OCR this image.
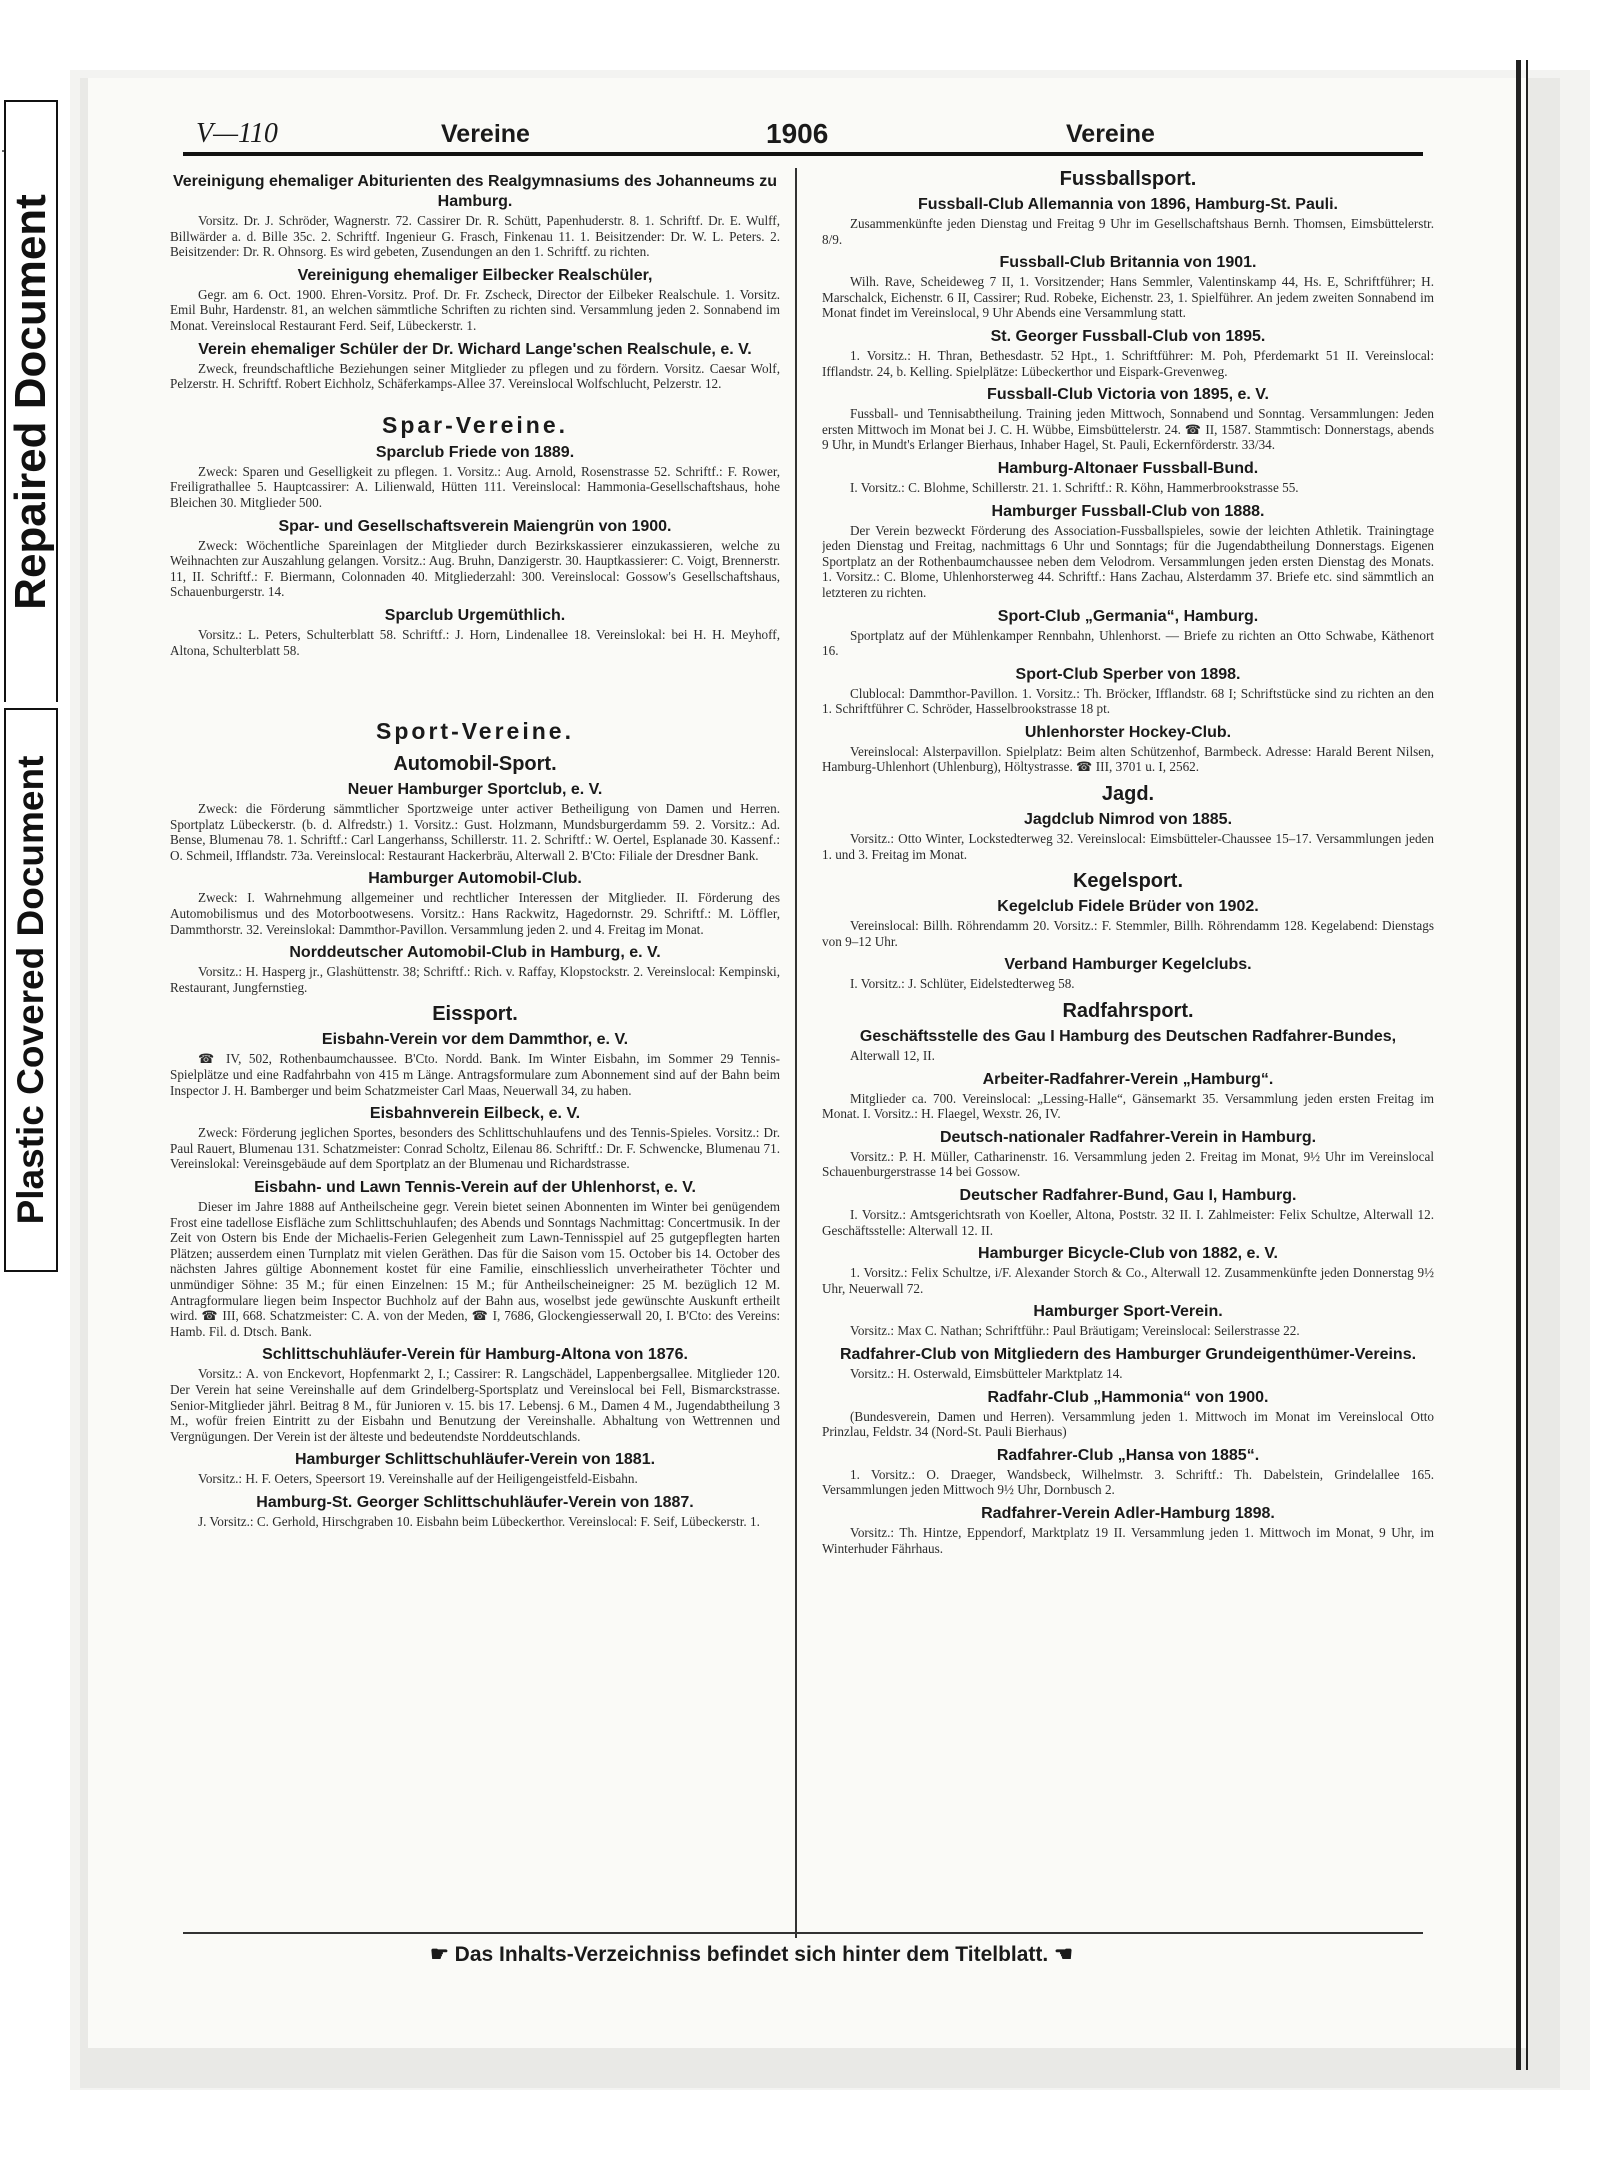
Repaired Document
Plastic Covered Document
V—110	Vereine	1906	Vereine
Vereinigung ehemaliger Abiturienten des Realgymnasiums des Johanneums zu Hamburg.
Vorsitz. Dr. J. Schröder, Wagnerstr. 72. Cassirer Dr. R. Schütt, Papenhuderstr. 8. 1. Schriftf. Dr. E. Wulff, Billwärder a. d. Bille 35c. 2. Schriftf. Ingenieur G. Frasch, Finkenau 11. 1. Beisitzender: Dr. W. L. Peters. 2. Beisitzender: Dr. R. Ohnsorg. Es wird gebeten, Zusendungen an den 1. Schriftf. zu richten.
Vereinigung ehemaliger Eilbecker Realschüler,
Gegr. am 6. Oct. 1900. Ehren-Vorsitz. Prof. Dr. Fr. Zscheck, Director der Eilbeker Realschule. 1. Vorsitz. Emil Buhr, Hardenstr. 81, an welchen sämmtliche Schriften zu richten sind. Versammlung jeden 2. Sonnabend im Monat. Vereinslocal Restaurant Ferd. Seif, Lübeckerstr. 1.
Verein ehemaliger Schüler der Dr. Wichard Lange'schen Realschule, e. V.
Zweck, freundschaftliche Beziehungen seiner Mitglieder zu pflegen und zu fördern. Vorsitz. Caesar Wolf, Pelzerstr. H. Schriftf. Robert Eichholz, Schäferkamps-Allee 37. Vereinslocal Wolfschlucht, Pelzerstr. 12.
Spar-Vereine.
Sparclub Friede von 1889.
Zweck: Sparen und Geselligkeit zu pflegen. 1. Vorsitz.: Aug. Arnold, Rosenstrasse 52. Schriftf.: F. Rower, Freiligrathallee 5. Hauptcassirer: A. Lilienwald, Hütten 111. Vereinslocal: Hammonia-Gesellschaftshaus, hohe Bleichen 30. Mitglieder 500.
Spar- und Gesellschaftsverein Maiengrün von 1900.
Zweck: Wöchentliche Spareinlagen der Mitglieder durch Bezirkskassierer einzukassieren, welche zu Weihnachten zur Auszahlung gelangen. Vorsitz.: Aug. Bruhn, Danzigerstr. 30. Hauptkassierer: C. Voigt, Brennerstr. 11, II. Schriftf.: F. Biermann, Colonnaden 40. Mitgliederzahl: 300. Vereinslocal: Gossow's Gesellschaftshaus, Schauenburgerstr. 14.
Sparclub Urgemüthlich.
Vorsitz.: L. Peters, Schulterblatt 58. Schriftf.: J. Horn, Lindenallee 18. Vereinslokal: bei H. H. Meyhoff, Altona, Schulterblatt 58.
Sport-Vereine.
Automobil-Sport.
Neuer Hamburger Sportclub, e. V.
Zweck: die Förderung sämmtlicher Sportzweige unter activer Betheiligung von Damen und Herren. Sportplatz Lübeckerstr. (b. d. Alfredstr.) 1. Vorsitz.: Gust. Holzmann, Mundsburgerdamm 59. 2. Vorsitz.: Ad. Bense, Blumenau 78. 1. Schriftf.: Carl Langerhanss, Schillerstr. 11. 2. Schriftf.: W. Oertel, Esplanade 30. Kassenf.: O. Schmeil, Ifflandstr. 73a. Vereinslocal: Restaurant Hackerbräu, Alterwall 2. B'Cto: Filiale der Dresdner Bank.
Hamburger Automobil-Club.
Zweck: I. Wahrnehmung allgemeiner und rechtlicher Interessen der Mitglieder. II. Förderung des Automobilismus und des Motorbootwesens. Vorsitz.: Hans Rackwitz, Hagedornstr. 29. Schriftf.: M. Löffler, Dammthorstr. 32. Vereinslokal: Dammthor-Pavillon. Versammlung jeden 2. und 4. Freitag im Monat.
Norddeutscher Automobil-Club in Hamburg, e. V.
Vorsitz.: H. Hasperg jr., Glashüttenstr. 38; Schriftf.: Rich. v. Raffay, Klopstockstr. 2. Vereinslocal: Kempinski, Restaurant, Jungfernstieg.
Eissport.
Eisbahn-Verein vor dem Dammthor, e. V.
☎ IV, 502, Rothenbaumchaussee. B'Cto. Nordd. Bank. Im Winter Eisbahn, im Sommer 29 Tennis-Spielplätze und eine Radfahrbahn von 415 m Länge. Antragsformulare zum Abonnement sind auf der Bahn beim Inspector J. H. Bamberger und beim Schatzmeister Carl Maas, Neuerwall 34, zu haben.
Eisbahnverein Eilbeck, e. V.
Zweck: Förderung jeglichen Sportes, besonders des Schlittschuhlaufens und des Tennis-Spieles. Vorsitz.: Dr. Paul Rauert, Blumenau 131. Schatzmeister: Conrad Scholtz, Eilenau 86. Schriftf.: Dr. F. Schwencke, Blumenau 71. Vereinslokal: Vereinsgebäude auf dem Sportplatz an der Blumenau und Richardstrasse.
Eisbahn- und Lawn Tennis-Verein auf der Uhlenhorst, e. V.
Dieser im Jahre 1888 auf Antheilscheine gegr. Verein bietet seinen Abonnenten im Winter bei genügendem Frost eine tadellose Eisfläche zum Schlittschuhlaufen; des Abends und Sonntags Nachmittag: Concertmusik. In der Zeit von Ostern bis Ende der Michaelis-Ferien Gelegenheit zum Lawn-Tennisspiel auf 25 gutgepflegten harten Plätzen; ausserdem einen Turnplatz mit vielen Geräthen. Das für die Saison vom 15. October bis 14. October des nächsten Jahres gültige Abonnement kostet für eine Familie, einschliesslich unverheiratheter Töchter und unmündiger Söhne: 35 M.; für einen Einzelnen: 15 M.; für Antheilscheineigner: 25 M. bezüglich 12 M. Antragformulare liegen beim Inspector Buchholz auf der Bahn aus, woselbst jede gewünschte Auskunft ertheilt wird. ☎ III, 668. Schatzmeister: C. A. von der Meden, ☎ I, 7686, Glockengiesserwall 20, I. B'Cto: des Vereins: Hamb. Fil. d. Dtsch. Bank.
Schlittschuhläufer-Verein für Hamburg-Altona von 1876.
Vorsitz.: A. von Enckevort, Hopfenmarkt 2, I.; Cassirer: R. Langschädel, Lappenbergsallee. Mitglieder 120. Der Verein hat seine Vereinshalle auf dem Grindelberg-Sportsplatz und Vereinslocal bei Fell, Bismarckstrasse. Senior-Mitglieder jährl. Beitrag 8 M., für Junioren v. 15. bis 17. Lebensj. 6 M., Damen 4 M., Jugendabtheilung 3 M., wofür freien Eintritt zu der Eisbahn und Benutzung der Vereinshalle. Abhaltung von Wettrennen und Vergnügungen. Der Verein ist der älteste und bedeutendste Norddeutschlands.
Hamburger Schlittschuhläufer-Verein von 1881.
Vorsitz.: H. F. Oeters, Speersort 19. Vereinshalle auf der Heiligengeistfeld-Eisbahn.
Hamburg-St. Georger Schlittschuhläufer-Verein von 1887.
J. Vorsitz.: C. Gerhold, Hirschgraben 10. Eisbahn beim Lübeckerthor. Vereinslocal: F. Seif, Lübeckerstr. 1.
Fussballsport.
Fussball-Club Allemannia von 1896, Hamburg-St. Pauli.
Zusammenkünfte jeden Dienstag und Freitag 9 Uhr im Gesellschaftshaus Bernh. Thomsen, Eimsbüttelerstr. 8/9.
Fussball-Club Britannia von 1901.
Wilh. Rave, Scheideweg 7 II, 1. Vorsitzender; Hans Semmler, Valentinskamp 44, Hs. E, Schriftführer; H. Marschalck, Eichenstr. 6 II, Cassirer; Rud. Robeke, Eichenstr. 23, 1. Spielführer. An jedem zweiten Sonnabend im Monat findet im Vereinslocal, 9 Uhr Abends eine Versammlung statt.
St. Georger Fussball-Club von 1895.
1. Vorsitz.: H. Thran, Bethesdastr. 52 Hpt., 1. Schriftführer: M. Poh, Pferdemarkt 51 II. Vereinslocal: Ifflandstr. 24, b. Kelling. Spielplätze: Lübeckerthor und Eispark-Grevenweg.
Fussball-Club Victoria von 1895, e. V.
Fussball- und Tennisabtheilung. Training jeden Mittwoch, Sonnabend und Sonntag. Versammlungen: Jeden ersten Mittwoch im Monat bei J. C. H. Wübbe, Eimsbüttelerstr. 24. ☎ II, 1587. Stammtisch: Donnerstags, abends 9 Uhr, in Mundt's Erlanger Bierhaus, Inhaber Hagel, St. Pauli, Eckernförderstr. 33/34.
Hamburg-Altonaer Fussball-Bund.
I. Vorsitz.: C. Blohme, Schillerstr. 21. 1. Schriftf.: R. Köhn, Hammerbrookstrasse 55.
Hamburger Fussball-Club von 1888.
Der Verein bezweckt Förderung des Association-Fussballspieles, sowie der leichten Athletik. Trainingtage jeden Dienstag und Freitag, nachmittags 6 Uhr und Sonntags; für die Jugendabtheilung Donnerstags. Eigenen Sportplatz an der Rothenbaumchaussee neben dem Velodrom. Versammlungen jeden ersten Dienstag des Monats. 1. Vorsitz.: C. Blome, Uhlenhorsterweg 44. Schriftf.: Hans Zachau, Alsterdamm 37. Briefe etc. sind sämmtlich an letzteren zu richten.
Sport-Club „Germania“, Hamburg.
Sportplatz auf der Mühlenkamper Rennbahn, Uhlenhorst. — Briefe zu richten an Otto Schwabe, Käthenort 16.
Sport-Club Sperber von 1898.
Clublocal: Dammthor-Pavillon. 1. Vorsitz.: Th. Bröcker, Ifflandstr. 68 I; Schriftstücke sind zu richten an den 1. Schriftführer C. Schröder, Hasselbrookstrasse 18 pt.
Uhlenhorster Hockey-Club.
Vereinslocal: Alsterpavillon. Spielplatz: Beim alten Schützenhof, Barmbeck. Adresse: Harald Berent Nilsen, Hamburg-Uhlenhort (Uhlenburg), Höltystrasse. ☎ III, 3701 u. I, 2562.
Jagd.
Jagdclub Nimrod von 1885.
Vorsitz.: Otto Winter, Lockstedterweg 32. Vereinslocal: Eimsbütteler-Chaussee 15–17. Versammlungen jeden 1. und 3. Freitag im Monat.
Kegelsport.
Kegelclub Fidele Brüder von 1902.
Vereinslocal: Billh. Röhrendamm 20. Vorsitz.: F. Stemmler, Billh. Röhrendamm 128. Kegelabend: Dienstags von 9–12 Uhr.
Verband Hamburger Kegelclubs.
I. Vorsitz.: J. Schlüter, Eidelstedterweg 58.
Radfahrsport.
Geschäftsstelle des Gau I Hamburg des Deutschen Radfahrer-Bundes,
Alterwall 12, II.
Arbeiter-Radfahrer-Verein „Hamburg“.
Mitglieder ca. 700. Vereinslocal: „Lessing-Halle“, Gänsemarkt 35. Versammlung jeden ersten Freitag im Monat. I. Vorsitz.: H. Flaegel, Wexstr. 26, IV.
Deutsch-nationaler Radfahrer-Verein in Hamburg.
Vorsitz.: P. H. Müller, Catharinenstr. 16. Versammlung jeden 2. Freitag im Monat, 9½ Uhr im Vereinslocal Schauenburgerstrasse 14 bei Gossow.
Deutscher Radfahrer-Bund, Gau I, Hamburg.
I. Vorsitz.: Amtsgerichtsrath von Koeller, Altona, Poststr. 32 II. I. Zahlmeister: Felix Schultze, Alterwall 12. Geschäftsstelle: Alterwall 12. II.
Hamburger Bicycle-Club von 1882, e. V.
1. Vorsitz.: Felix Schultze, i/F. Alexander Storch & Co., Alterwall 12. Zusammenkünfte jeden Donnerstag 9½ Uhr, Neuerwall 72.
Hamburger Sport-Verein.
Vorsitz.: Max C. Nathan; Schriftführ.: Paul Bräutigam; Vereinslocal: Seilerstrasse 22.
Radfahrer-Club von Mitgliedern des Hamburger Grundeigenthümer-Vereins.
Vorsitz.: H. Osterwald, Eimsbütteler Marktplatz 14.
Radfahr-Club „Hammonia“ von 1900.
(Bundesverein, Damen und Herren). Versammlung jeden 1. Mittwoch im Monat im Vereinslocal Otto Prinzlau, Feldstr. 34 (Nord-St. Pauli Bierhaus)
Radfahrer-Club „Hansa von 1885“.
1. Vorsitz.: O. Draeger, Wandsbeck, Wilhelmstr. 3. Schriftf.: Th. Dabelstein, Grindelallee 165. Versammlungen jeden Mittwoch 9½ Uhr, Dornbusch 2.
Radfahrer-Verein Adler-Hamburg 1898.
Vorsitz.: Th. Hintze, Eppendorf, Marktplatz 19 II. Versammlung jeden 1. Mittwoch im Monat, 9 Uhr, im Winterhuder Fährhaus.
☛ Das Inhalts-Verzeichniss befindet sich hinter dem Titelblatt. ☚
